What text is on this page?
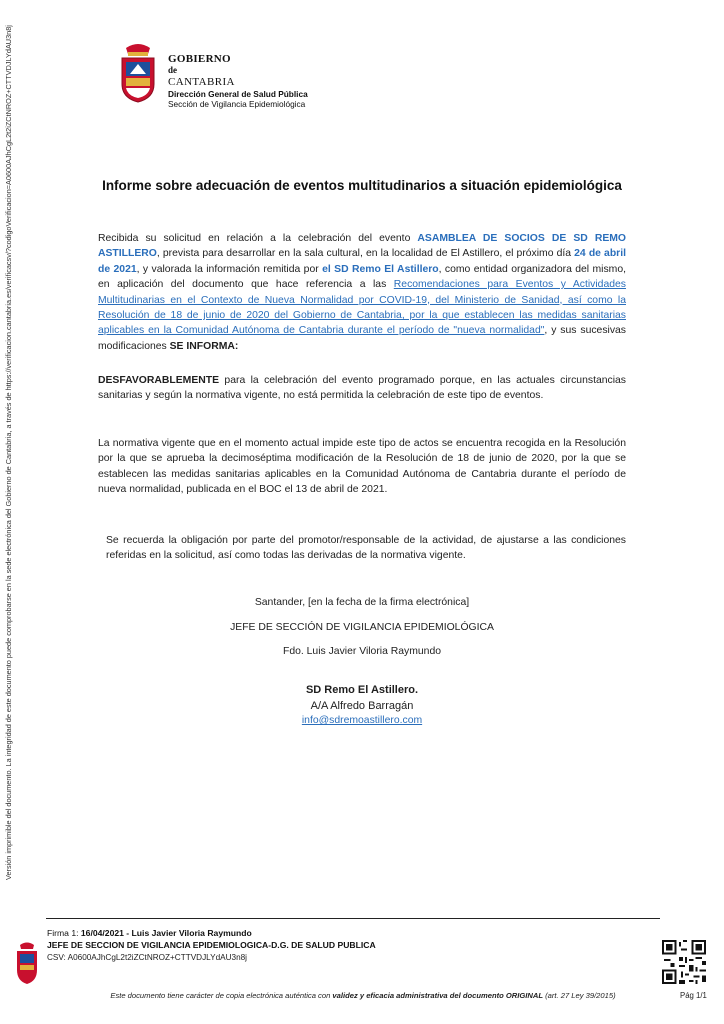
Versión imprimible del documento. La integridad de este documento puede comprobarse en la sede electrónica del Gobierno de Cantabria, a través de https://verificacion.cantabria.es/verificacsv/?codigoVerificacion=A0600AJhCgL2t2iZCtNROZ+CTTVDJLYdAU3n8j	GOBIERNO
de
CANTABRIA
Dirección General de Salud Pública
Sección de Vigilancia Epidemiológica
Informe sobre adecuación de eventos multitudinarios a situación epidemiológica
Recibida su solicitud en relación a la celebración del evento ASAMBLEA DE SOCIOS DE SD REMO ASTILLERO, prevista para desarrollar en la sala cultural, en la localidad de El Astillero, el próximo día 24 de abril de 2021, y valorada la información remitida por el SD Remo El Astillero, como entidad organizadora del mismo, en aplicación del documento que hace referencia a las Recomendaciones para Eventos y Actividades Multitudinarias en el Contexto de Nueva Normalidad por COVID-19, del Ministerio de Sanidad, así como la Resolución de 18 de junio de 2020 del Gobierno de Cantabria, por la que establecen las medidas sanitarias aplicables en la Comunidad Autónoma de Cantabria durante el período de "nueva normalidad", y sus sucesivas modificaciones SE INFORMA:
DESFAVORABLEMENTE para la celebración del evento programado porque, en las actuales circunstancias sanitarias y según la normativa vigente, no está permitida la celebración de este tipo de eventos.
La normativa vigente que en el momento actual impide este tipo de actos se encuentra recogida en la Resolución por la que se aprueba la decimoséptima modificación de la Resolución de 18 de junio de 2020, por la que se establecen las medidas sanitarias aplicables en la Comunidad Autónoma de Cantabria durante el período de nueva normalidad, publicada en el BOC el 13 de abril de 2021.
Se recuerda la obligación por parte del promotor/responsable de la actividad, de ajustarse a las condiciones referidas en la solicitud, así como todas las derivadas de la normativa vigente.
Santander, [en la fecha de la firma electrónica]
JEFE DE SECCIÓN DE VIGILANCIA EPIDEMIOLÓGICA
Fdo. Luis Javier Viloria Raymundo
SD Remo El Astillero.
A/A Alfredo Barragán
info@sdremoastillero.com
Firma 1: 16/04/2021 - Luis Javier Viloria Raymundo
JEFE DE SECCION DE VIGILANCIA EPIDEMIOLOGICA-D.G. DE SALUD PUBLICA
CSV: A0600AJhCgL2t2iZCtNROZ+CTTVDJLYdAU3n8j
Este documento tiene carácter de copia electrónica auténtica con validez y eficacia administrativa del documento ORIGINAL (art. 27 Ley 39/2015)	Pág 1/1
